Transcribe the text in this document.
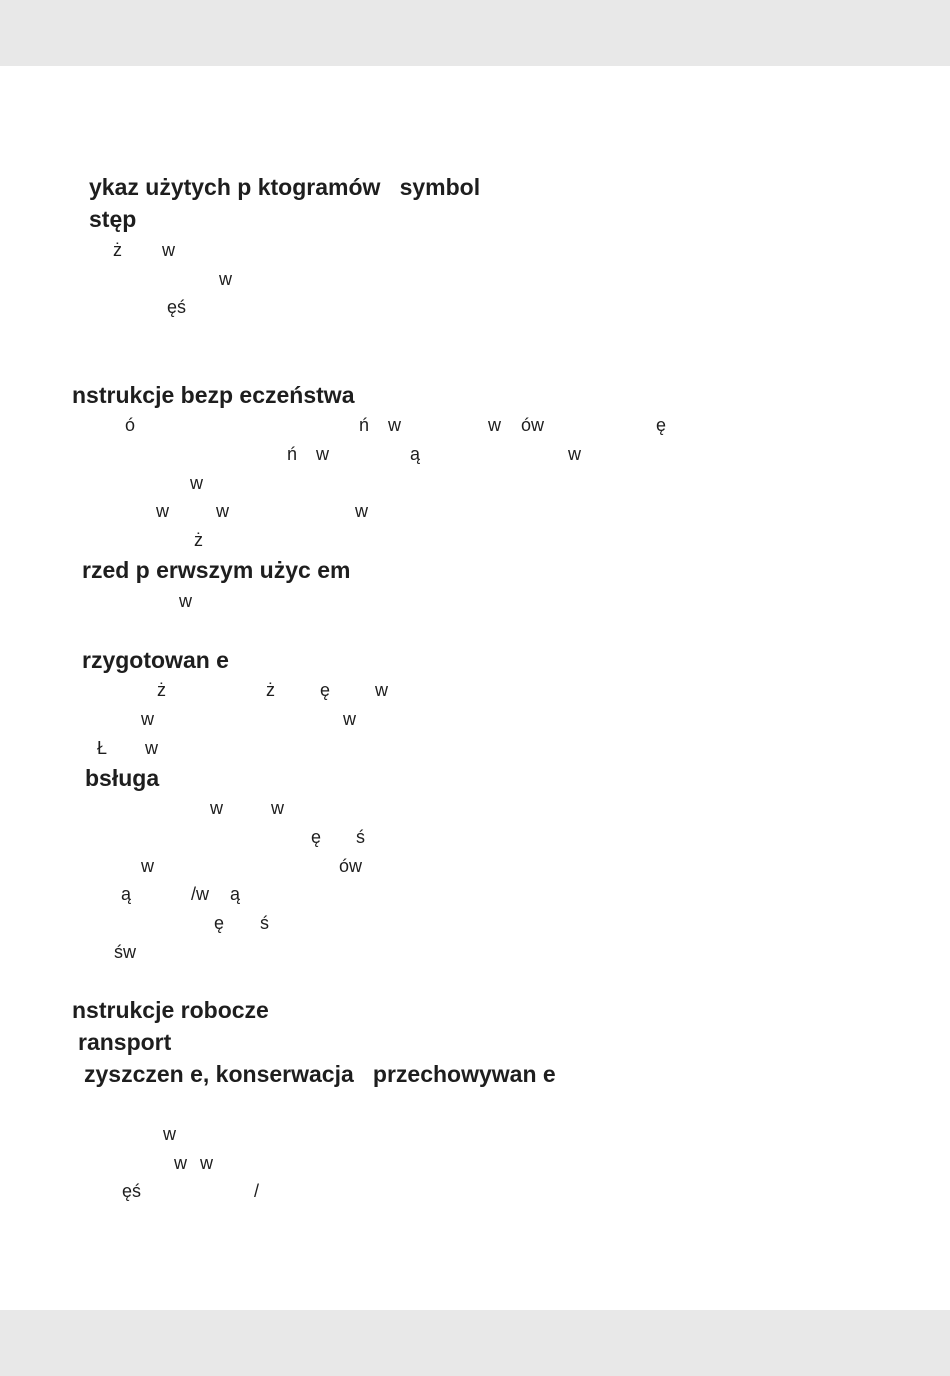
ykaz użytych p ktogramów   symbol
stęp
ż w
w
ęś
nstrukcje bezp eczeństwa
ó	ń w	w ów	ę
ń w	ą	w
w
w	w	w
ż
rzed p erwszym użyc em
w
rzygotowan e
ż	ż	ę w
w	w
Ł w
bsługa
w	w
ę ś
w	ów
ą	/w ą
ę ś
św
nstrukcje robocze
ransport
zyszczen e, konserwacja   przechowywan e
w
w w
ęś	/
